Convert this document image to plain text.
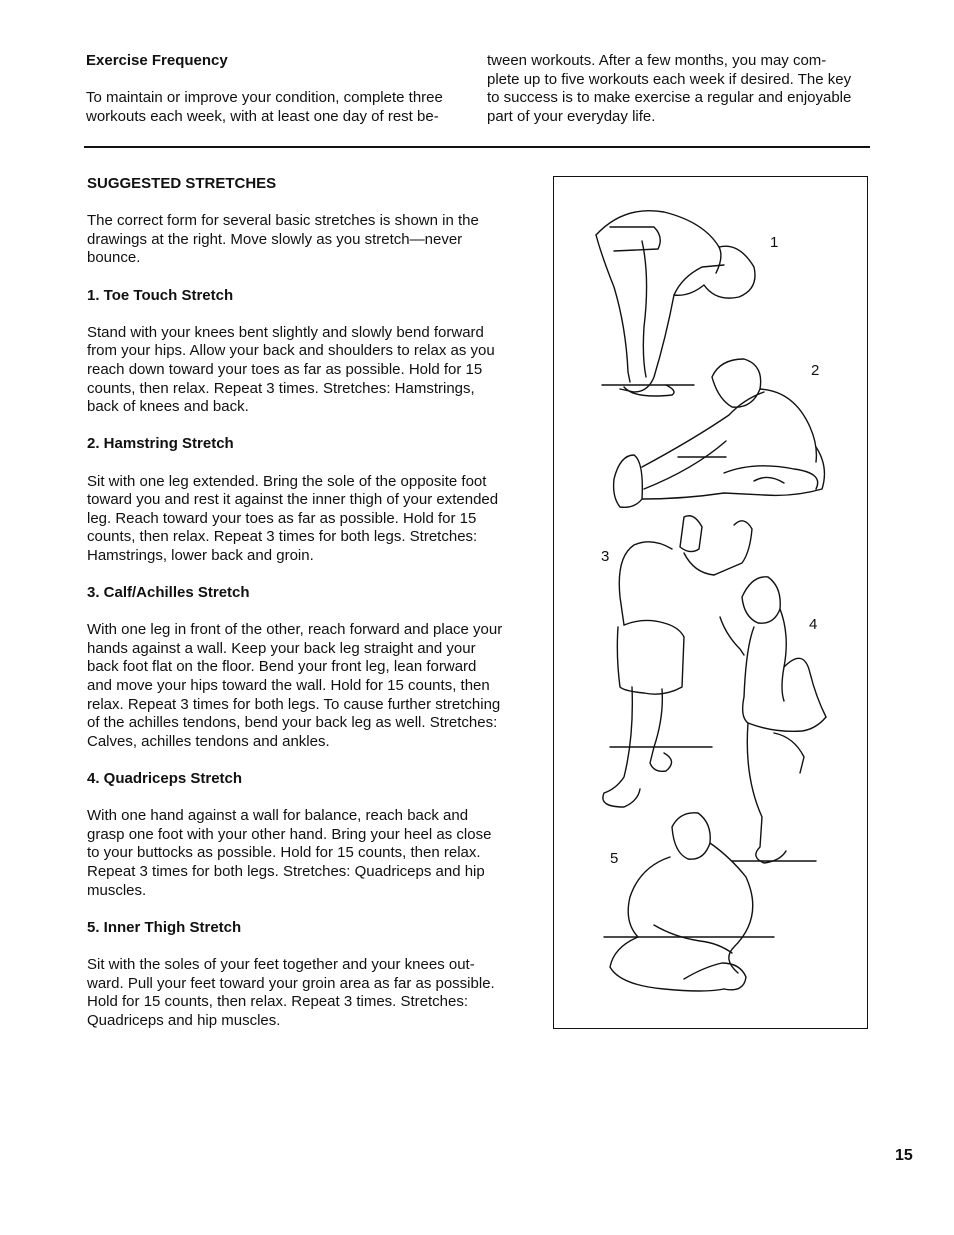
Exercise Frequency

To maintain or improve your condition, complete three

workouts each week, with at least one day of rest be-

tween workouts. After a few months, you may com-

plete up to five workouts each week if desired. The key

to success is to make exercise a regular and enjoyable

part of your everyday life.

SUGGESTED STRETCHES

The correct form for several basic stretches is shown in the

drawings at the right. Move slowly as you stretch—never

bounce.

1. Toe Touch Stretch

Stand with your knees bent slightly and slowly bend forward

from your hips. Allow your back and shoulders to relax as you

reach down toward your toes as far as possible. Hold for 15

counts, then relax. Repeat 3 times. Stretches: Hamstrings,

back of knees and back.

2. Hamstring Stretch

Sit with one leg extended. Bring the sole of the opposite foot

toward you and rest it against the inner thigh of your extended

leg. Reach toward your toes as far as possible. Hold for 15

counts, then relax. Repeat 3 times for both legs. Stretches:

Hamstrings, lower back and groin.

3. Calf/Achilles Stretch

With one leg in front of the other, reach forward and place your

hands against a wall. Keep your back leg straight and your

back foot flat on the floor. Bend your front leg, lean forward

and move your hips toward the wall. Hold for 15 counts, then

relax. Repeat 3 times for both legs. To cause further stretching

of the achilles tendons, bend your back leg as well. Stretches:

Calves, achilles tendons and ankles.

4. Quadriceps Stretch

With one hand against a wall for balance, reach back and

grasp one foot with your other hand. Bring your heel as close

to your buttocks as possible. Hold for 15 counts, then relax.

Repeat 3 times for both legs. Stretches: Quadriceps and hip

muscles.

5. Inner Thigh Stretch

Sit with the soles of your feet together and your knees out-

ward. Pull your feet toward your groin area as far as possible.

Hold for 15 counts, then relax. Repeat 3 times. Stretches:

Quadriceps and hip muscles.

1
2
3
4
5
15
